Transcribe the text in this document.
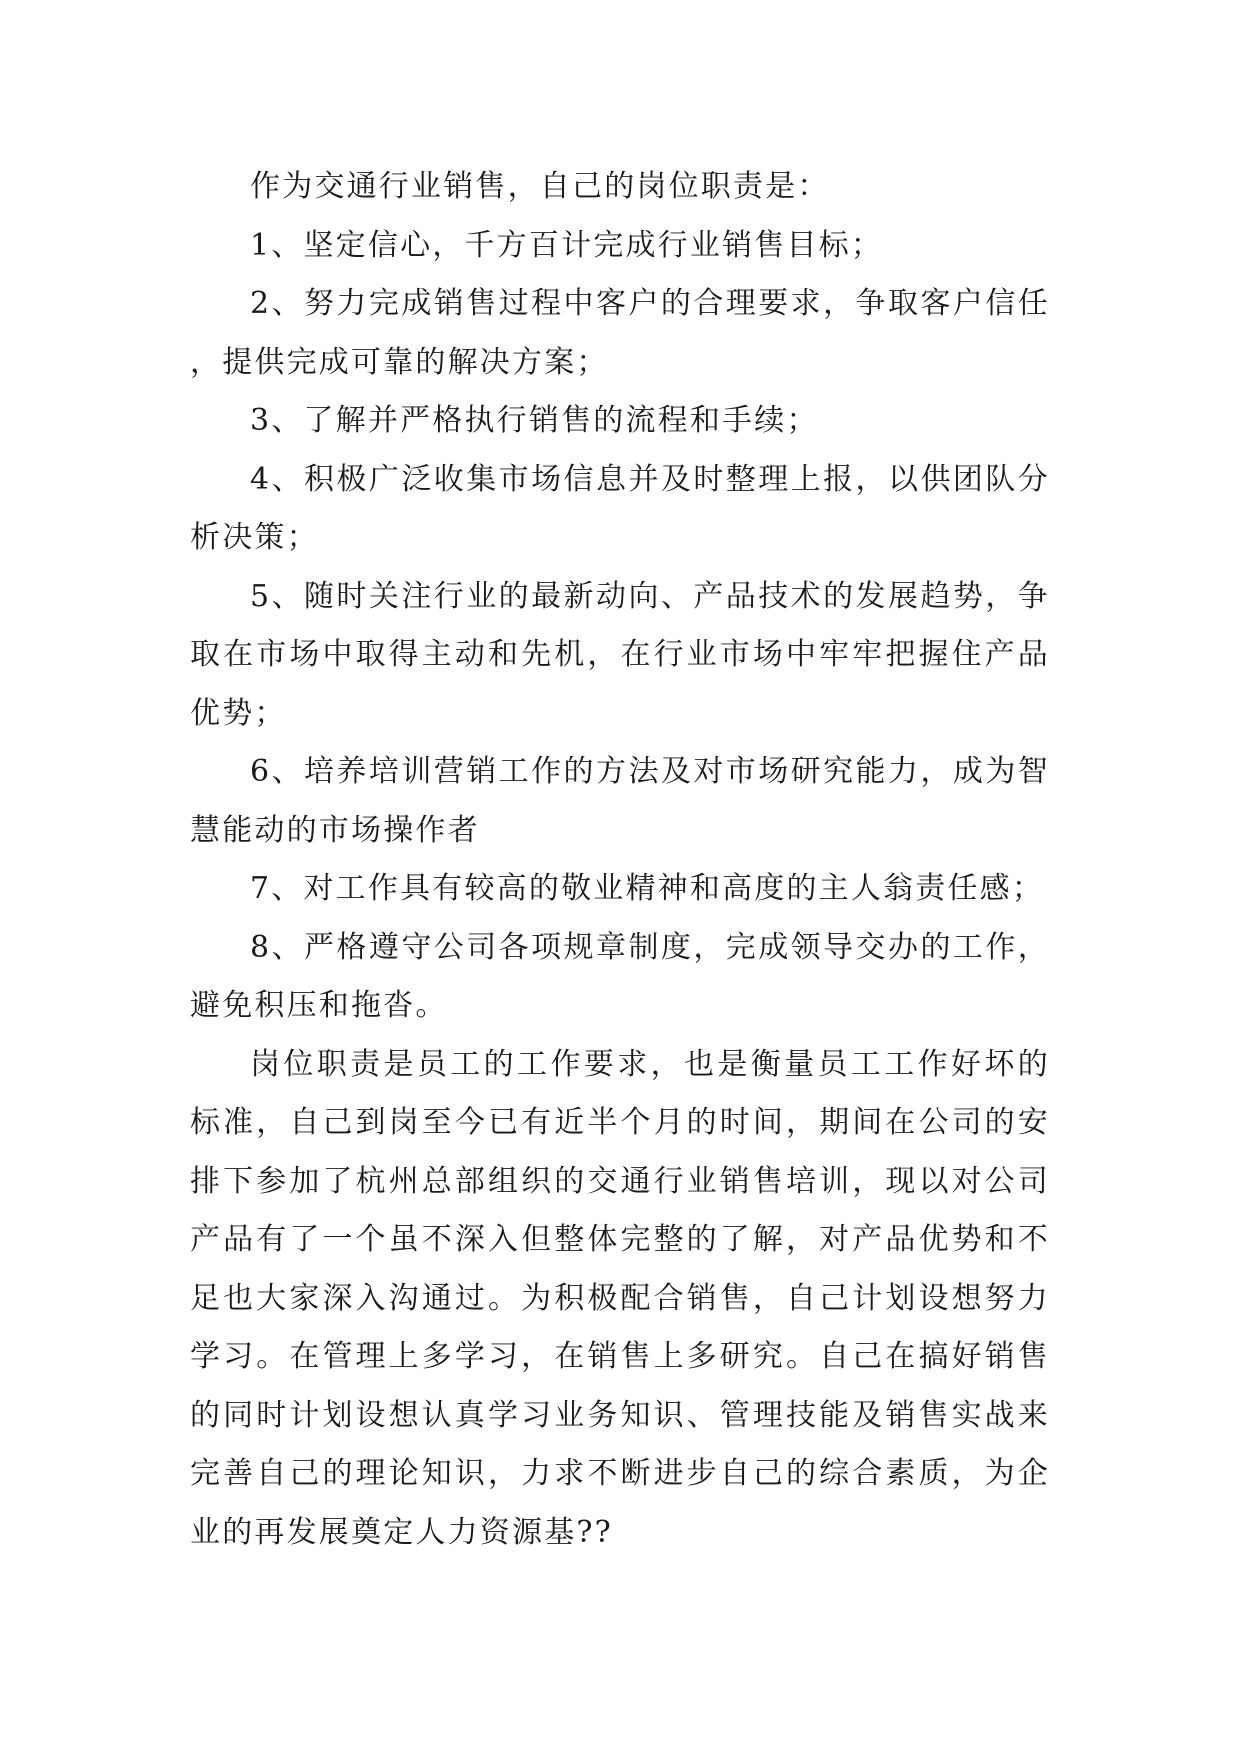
作为交通行业销售，自己的岗位职责是：

1、坚定信心，千方百计完成行业销售目标；

2、努力完成销售过程中客户的合理要求，争取客户信任，提供完成可靠的解决方案；

3、了解并严格执行销售的流程和手续；

4、积极广泛收集市场信息并及时整理上报，以供团队分析决策；

5、随时关注行业的最新动向、产品技术的发展趋势，争取在市场中取得主动和先机，在行业市场中牢牢把握住产品优势；

6、培养培训营销工作的方法及对市场研究能力，成为智慧能动的市场操作者

7、对工作具有较高的敬业精神和高度的主人翁责任感；

8、严格遵守公司各项规章制度，完成领导交办的工作，避免积压和拖沓。

岗位职责是员工的工作要求，也是衡量员工工作好坏的标准，自己到岗至今已有近半个月的时间，期间在公司的安排下参加了杭州总部组织的交通行业销售培训，现以对公司产品有了一个虽不深入但整体完整的了解，对产品优势和不足也大家深入沟通过。为积极配合销售，自己计划设想努力学习。在管理上多学习，在销售上多研究。自己在搞好销售的同时计划设想认真学习业务知识、管理技能及销售实战来完善自己的理论知识，力求不断进步自己的综合素质，为企业的再发展奠定人力资源基??
